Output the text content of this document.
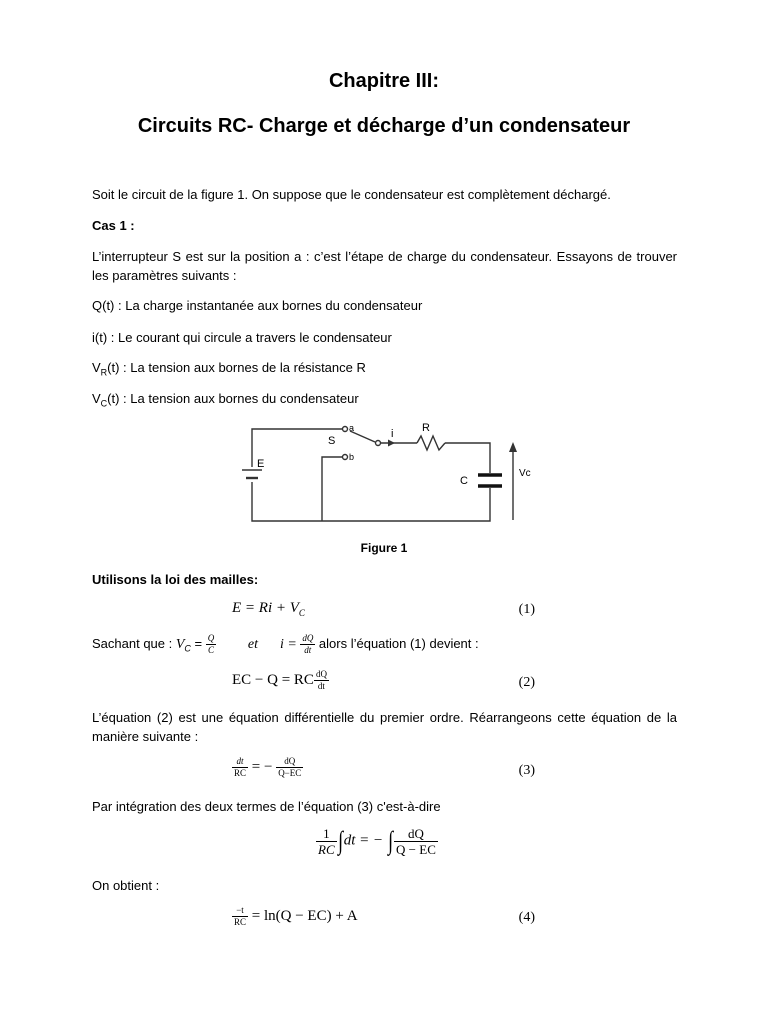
Chapitre III:
Circuits RC- Charge et décharge d’un condensateur
Soit le circuit de la figure 1. On suppose que le condensateur est complètement déchargé.
Cas 1 :
L’interrupteur S est sur la position a : c’est l’étape de charge du condensateur. Essayons de trouver les paramètres suivants :
Q(t) : La charge instantanée aux bornes du condensateur
i(t) : Le courant qui circule a travers le condensateur
$V_R(t)$ : La tension aux bornes de la résistance R
$V_C(t)$ : La tension aux bornes du condensateur
a
b
S
i	R
E
C
Vc
Figure 1
Utilisons la loi des mailles:
$E = Ri + V_C$	(1)
Sachant que : $V_C = \frac{Q}{C}$ et $i = \frac{dQ}{dt}$ alors l’équation (1) devient :
EC − Q = RC $\frac{dQ}{dt}$	(2)
L’équation (2) est une équation différentielle du premier ordre. Réarrangeons cette équation de la manière suivante :
$\frac{dt}{RC}$ = − $\frac{dQ}{Q-EC}$	(3)
Par intégration des deux termes de l’équation (3) c'est-à-dire
$\frac{1}{RC} \int dt$ = − ∫ $\frac{dQ}{Q - EC}$
On obtient :
$\frac{-t}{RC} = \ln(Q - EC) + A$	(4)
